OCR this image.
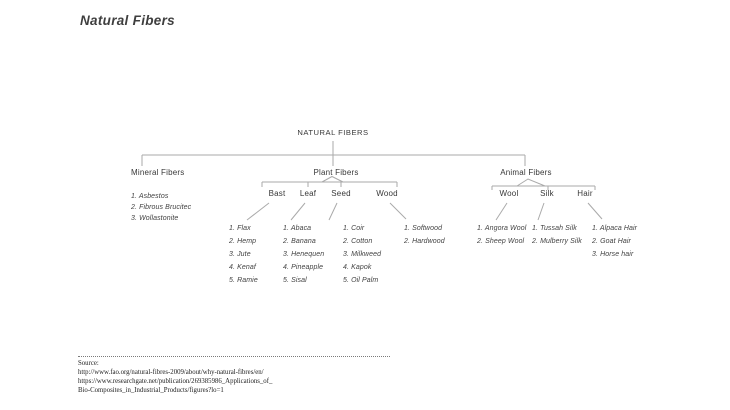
Natural Fibers
NATURAL FIBERS
Mineral Fibers	Plant Fibers	Animal Fibers
Bast Leaf Seed	Wood	Wool	Silk	Hair
1. Asbestos
2. Fibrous Brucitec
3. Wollastonite
1. Flax
2. Hemp
3. Jute
4. Kenaf
5. Ramie
1. Abaca
2. Banana
3. Henequen
4. Pineapple
5. Sisal
1. Coir
2. Cotton
3. Milkweed
4. Kapok
5. Oil Palm
1. Softwood
2. Hardwood
1. Angora Wool
2. Sheep Wool
1. Tussah Silk
2. Mulberry Silk
1. Alpaca Hair
2. Goat Hair
3. Horse hair
Source:
http://www.fao.org/natural-fibres-2009/about/why-natural-fibres/en/
https://www.researchgate.net/publication/269385986_Applications_of_
Bio-Composites_in_Industrial_Products/figures?lo=1
